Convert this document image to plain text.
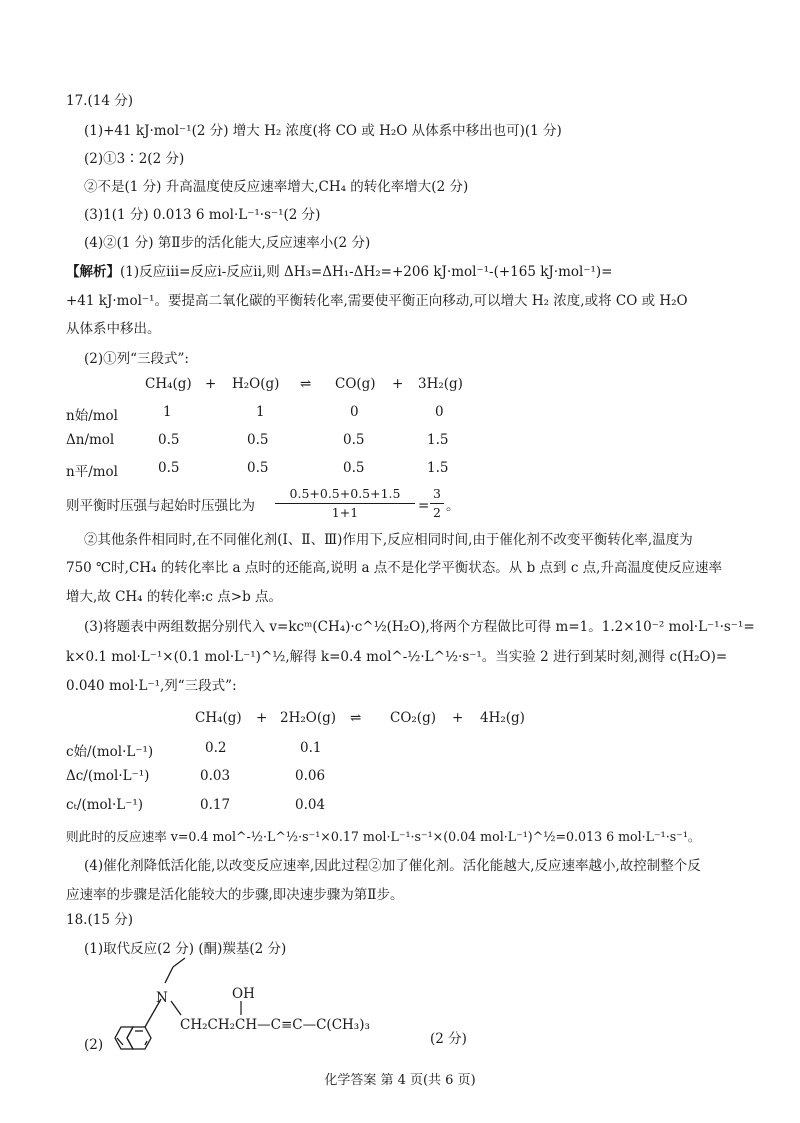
17.(14 分)
(1)+41 kJ·mol⁻¹(2 分) 增大 H₂ 浓度(将 CO 或 H₂O 从体系中移出也可)(1 分)
(2)①3∶2(2 分)
②不是(1 分) 升高温度使反应速率增大,CH₄ 的转化率增大(2 分)
(3)1(1 分) 0.013 6 mol·L⁻¹·s⁻¹(2 分)
(4)②(1 分) 第Ⅱ步的活化能大,反应速率小(2 分)
【解析】(1)反应ⅲ=反应ⅰ-反应ⅱ,则 ΔH₃=ΔH₁-ΔH₂=+206 kJ·mol⁻¹-(+165 kJ·mol⁻¹)=
+41 kJ·mol⁻¹。要提高二氧化碳的平衡转化率,需要使平衡正向移动,可以增大 H₂ 浓度,或将 CO 或 H₂O
从体系中移出。
(2)①列“三段式”:
CH₄(g) + H₂O(g) ⇌ CO(g) + 3H₂(g)
n始/mol	1	1	0	0
Δn/mol	0.5	0.5	0.5	1.5
n平/mol	0.5	0.5	0.5	1.5
则平衡时压强与起始时压强比为
0.5+0.5+0.5+1.5
1+1	=
3
2 。
②其他条件相同时,在不同催化剂(Ⅰ、Ⅱ、Ⅲ)作用下,反应相同时间,由于催化剂不改变平衡转化率,温度为
750 ℃时,CH₄ 的转化率比 a 点时的还能高,说明 a 点不是化学平衡状态。从 b 点到 c 点,升高温度使反应速率
增大,故 CH₄ 的转化率:c 点>b 点。
(3)将题表中两组数据分别代入 v=kcᵐ(CH₄)·c^½(H₂O),将两个方程做比可得 m=1。1.2×10⁻² mol·L⁻¹·s⁻¹=
k×0.1 mol·L⁻¹×(0.1 mol·L⁻¹)^½,解得 k=0.4 mol^-½·L^½·s⁻¹。当实验 2 进行到某时刻,测得 c(H₂O)=
0.040 mol·L⁻¹,列“三段式”:
CH₄(g) + 2H₂O(g) ⇌ CO₂(g) + 4H₂(g)
c始/(mol·L⁻¹)	0.2	0.1
Δc/(mol·L⁻¹)	0.03	0.06
cₜ/(mol·L⁻¹)	0.17	0.04
则此时的反应速率 v=0.4 mol^-½·L^½·s⁻¹×0.17 mol·L⁻¹·s⁻¹×(0.04 mol·L⁻¹)^½=0.013 6 mol·L⁻¹·s⁻¹。
(4)催化剂降低活化能,以改变反应速率,因此过程②加了催化剂。活化能越大,反应速率越小,故控制整个反
应速率的步骤是活化能较大的步骤,即决速步骤为第Ⅱ步。
18.(15 分)
(1)取代反应(2 分) (酮)羰基(2 分)
(2)
N	OH
CH₂CH₂CH—C≡C—C(CH₃)₃
(2 分)
化学答案 第 4 页(共 6 页)
